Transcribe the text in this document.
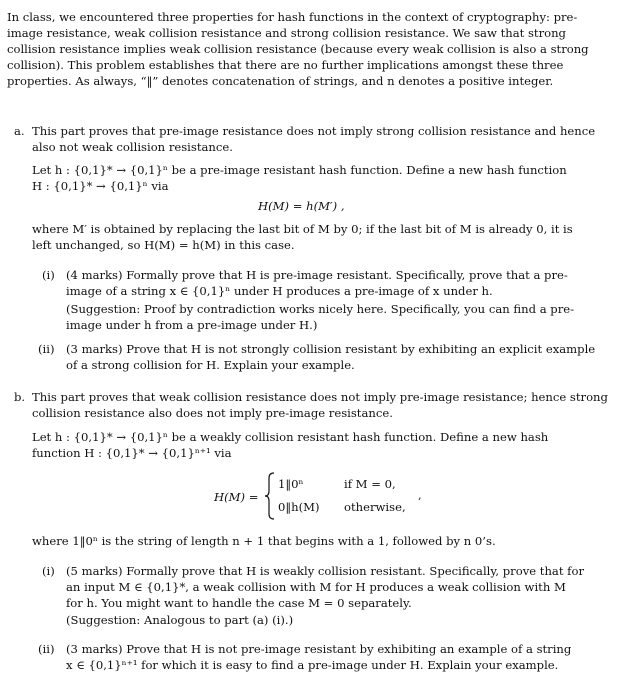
In class, we encountered three properties for hash functions in the context of cryptography: pre-
image resistance, weak collision resistance and strong collision resistance. We saw that strong
collision resistance implies weak collision resistance (because every weak collision is also a strong
collision). This problem establishes that there are no further implications amongst these three
properties. As always, “‖” denotes concatenation of strings, and n denotes a positive integer.
a. This part proves that pre-image resistance does not imply strong collision resistance and hence
also not weak collision resistance.
Let h : {0,1}* → {0,1}ⁿ be a pre-image resistant hash function. Define a new hash function
H : {0,1}* → {0,1}ⁿ via
H(M) = h(M′) ,
where M′ is obtained by replacing the last bit of M by 0; if the last bit of M is already 0, it is
left unchanged, so H(M) = h(M) in this case.
(i) (4 marks) Formally prove that H is pre-image resistant. Specifically, prove that a pre-
image of a string x ∈ {0,1}ⁿ under H produces a pre-image of x under h.
(Suggestion: Proof by contradiction works nicely here. Specifically, you can find a pre-
image under h from a pre-image under H.)
(ii) (3 marks) Prove that H is not strongly collision resistant by exhibiting an explicit example
of a strong collision for H. Explain your example.
b. This part proves that weak collision resistance does not imply pre-image resistance; hence strong
collision resistance also does not imply pre-image resistance.
Let h : {0,1}* → {0,1}ⁿ be a weakly collision resistant hash function. Define a new hash
function H : {0,1}* → {0,1}ⁿ⁺¹ via
H(M) =
1‖0ⁿ	if M = 0,
0‖h(M) otherwise,
,
where 1‖0ⁿ is the string of length n + 1 that begins with a 1, followed by n 0’s.
(i) (5 marks) Formally prove that H is weakly collision resistant. Specifically, prove that for
an input M ∈ {0,1}*, a weak collision with M for H produces a weak collision with M
for h. You might want to handle the case M = 0 separately.
(Suggestion: Analogous to part (a) (i).)
(ii) (3 marks) Prove that H is not pre-image resistant by exhibiting an example of a string
x ∈ {0,1}ⁿ⁺¹ for which it is easy to find a pre-image under H. Explain your example.
